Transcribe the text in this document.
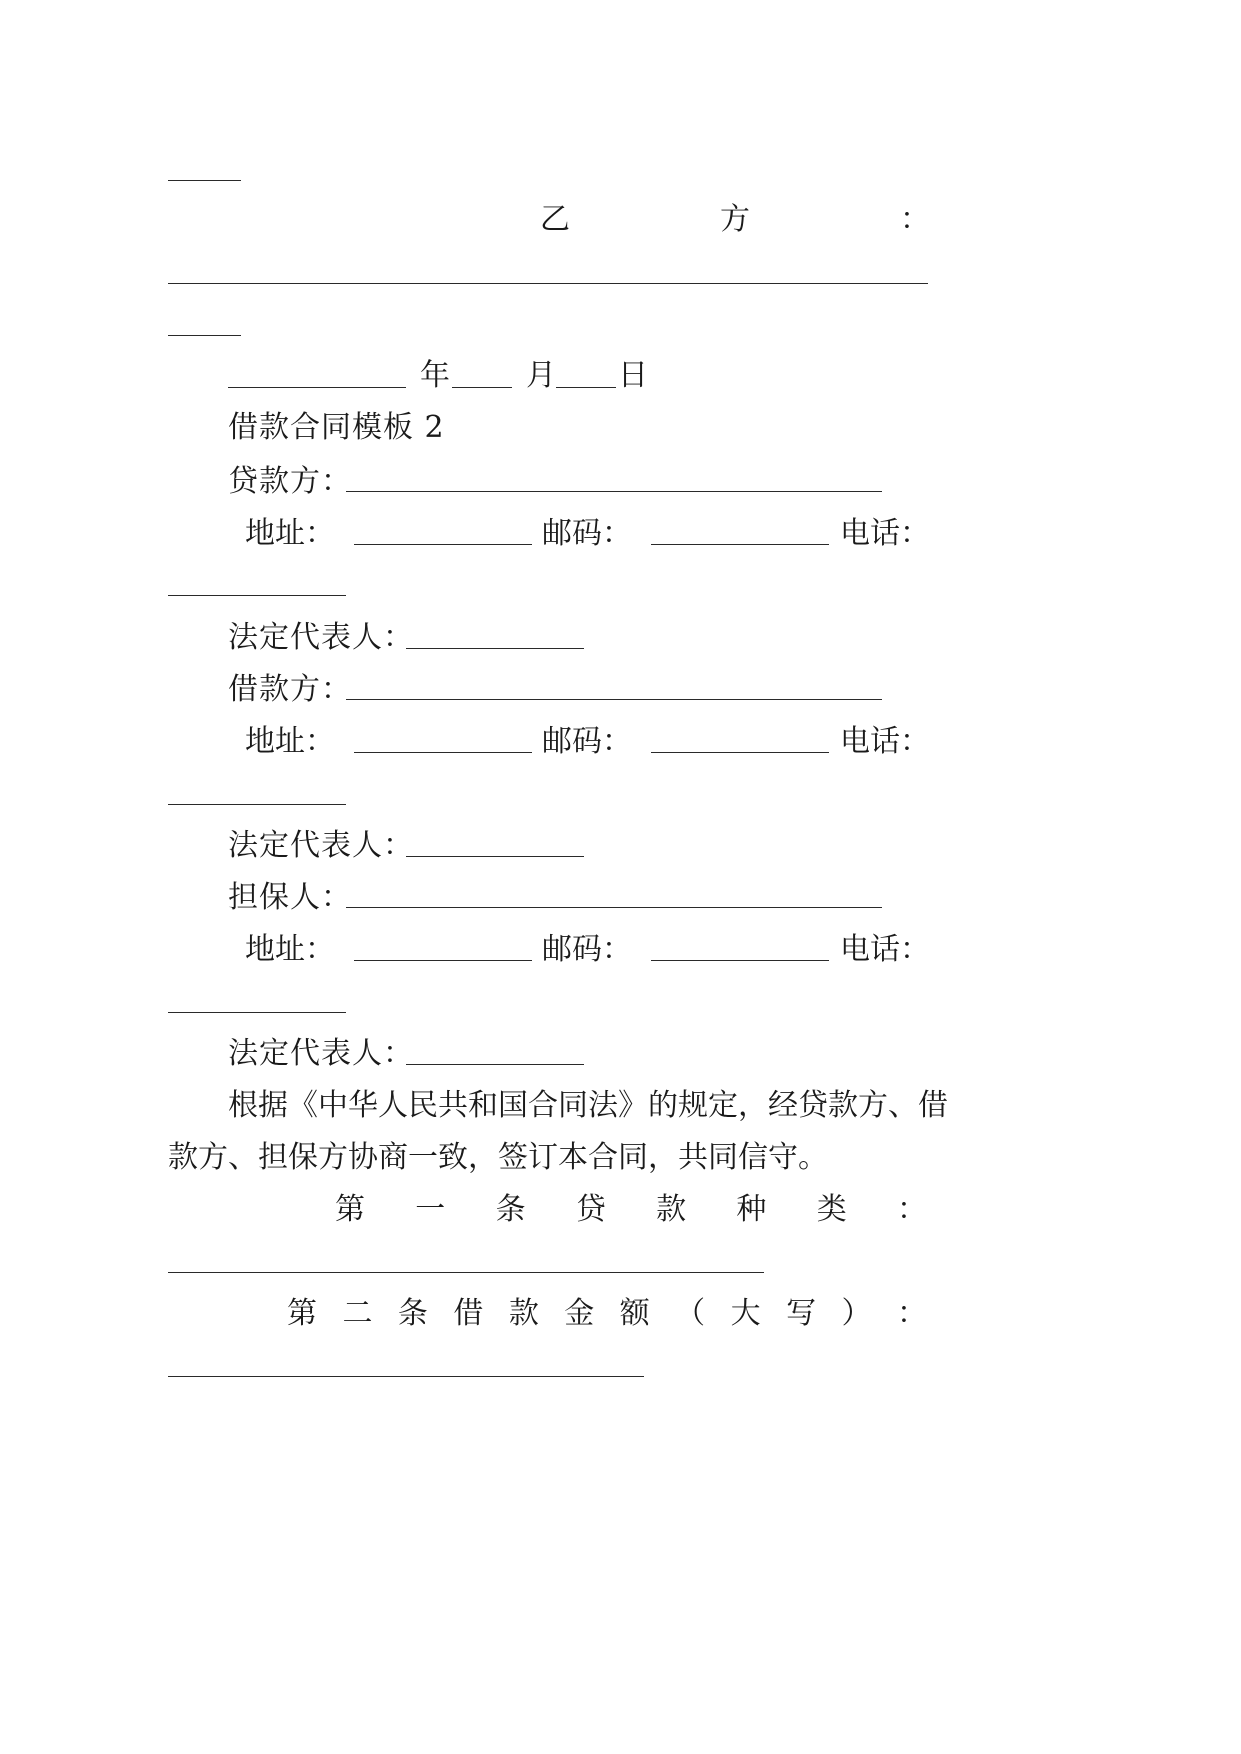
乙	方	：
年	月 日
借款合同模板 2
贷款方：
地 址 ：	邮 码 ：	电 话 ：
法定代表人：
借款方：
地 址 ：	邮 码 ：	电 话 ：
法定代表人：
担保人：
地 址 ：	邮 码 ：	电 话 ：
法定代表人：
根据《中华人民共和国合同法》的规定，经贷款方、借
款方、担保方协商一致，签订本合同，共同信守。
第 一 条 贷 款 种 类 ：
第 二 条 借 款 金 额 （ 大 写 ） ：
